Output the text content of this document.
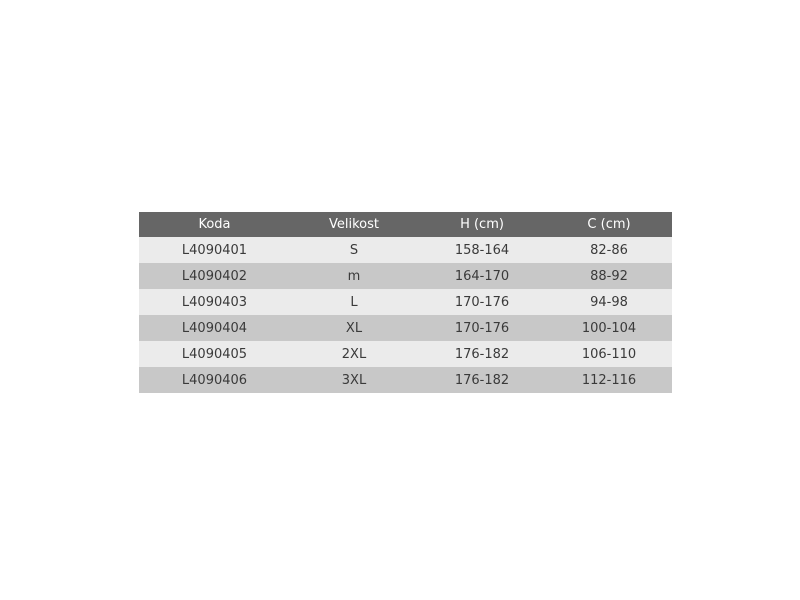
Koda	Velikost	H (cm)	C (cm)
L4090401	S	158-164	82-86
L4090402	m	164-170	88-92
L4090403	L	170-176	94-98
L4090404	XL	170-176	100-104
L4090405	2XL	176-182	106-110
L4090406	3XL	176-182	112-116
